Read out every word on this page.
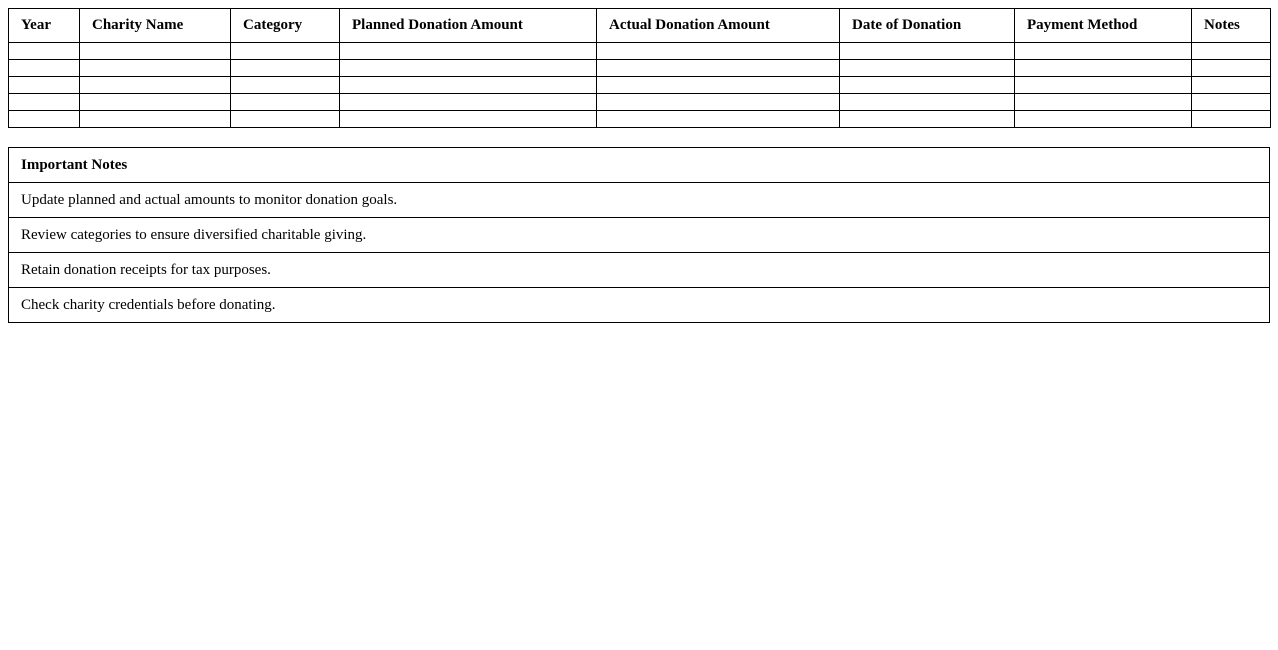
Year	Charity Name	Category	Planned Donation Amount	Actual Donation Amount	Date of Donation	Payment Method	Notes

Important Notes
Update planned and actual amounts to monitor donation goals.
Review categories to ensure diversified charitable giving.
Retain donation receipts for tax purposes.
Check charity credentials before donating.
